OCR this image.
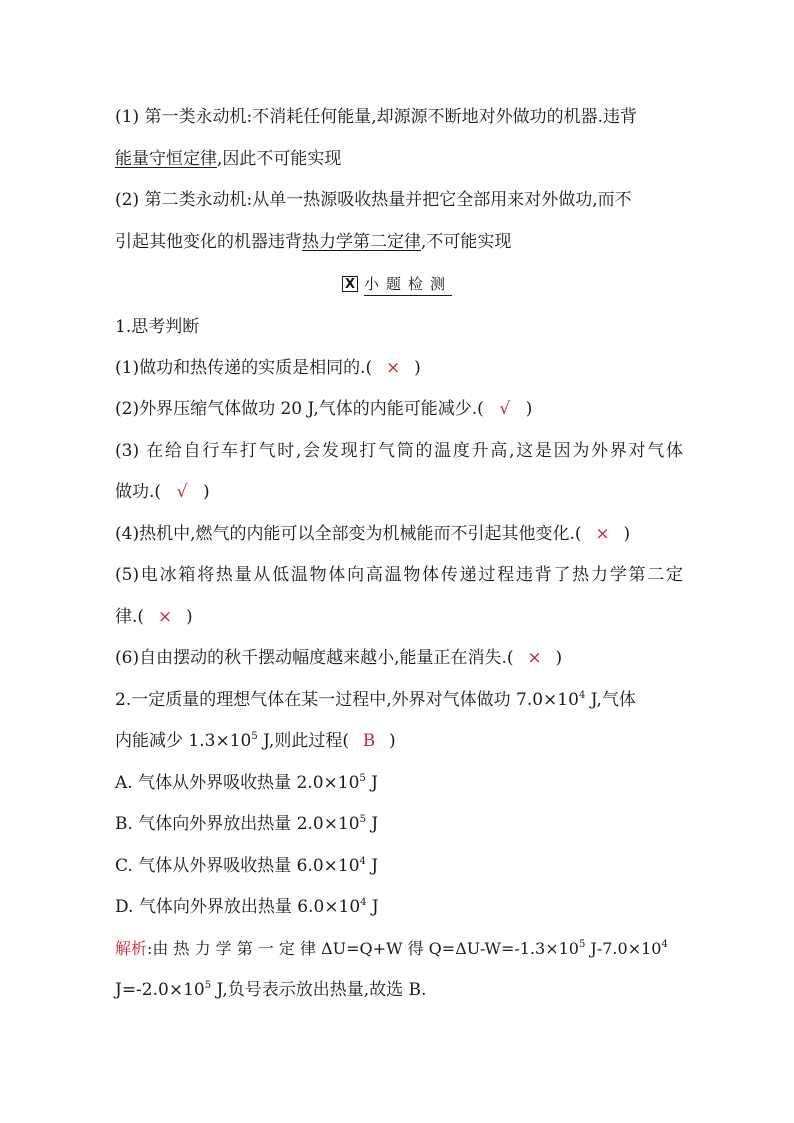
(1) 第一类永动机:不消耗任何能量,却源源不断地对外做功的机器.违背
能量守恒定律,因此不可能实现
(2) 第二类永动机:从单一热源吸收热量并把它全部用来对外做功,而不
引起其他变化的机器违背热力学第二定律,不可能实现
X 小题检测
1.思考判断
(1)做功和热传递的实质是相同的.( × )
(2)外界压缩气体做功 20 J,气体的内能可能减少.( √ )
(3) 在给自行车打气时,会发现打气筒的温度升高,这是因为外界对气体
做功.( √ )
(4)热机中,燃气的内能可以全部变为机械能而不引起其他变化.( × )
(5)电冰箱将热量从低温物体向高温物体传递过程违背了热力学第二定
律.( × )
(6)自由摆动的秋千摆动幅度越来越小,能量正在消失.( × )
2.一定质量的理想气体在某一过程中,外界对气体做功 $7.0\times 10^4$ J,气体
内能减少 $1.3\times 10^5$ J,则此过程( B )
A. 气体从外界吸收热量 $2.0\times 10^5$ J
B. 气体向外界放出热量 $2.0\times 10^5$ J
C. 气体从外界吸收热量 $6.0\times 10^4$ J
D. 气体向外界放出热量 $6.0\times 10^4$ J
解析:由 热 力 学 第 一 定 律 ΔU=Q+W 得 $Q=\Delta U-W=-1.3\times 10^5$ $J-7.0\times 10^4$
$J=-2.0\times 10^5$ J,负号表示放出热量,故选 B.
